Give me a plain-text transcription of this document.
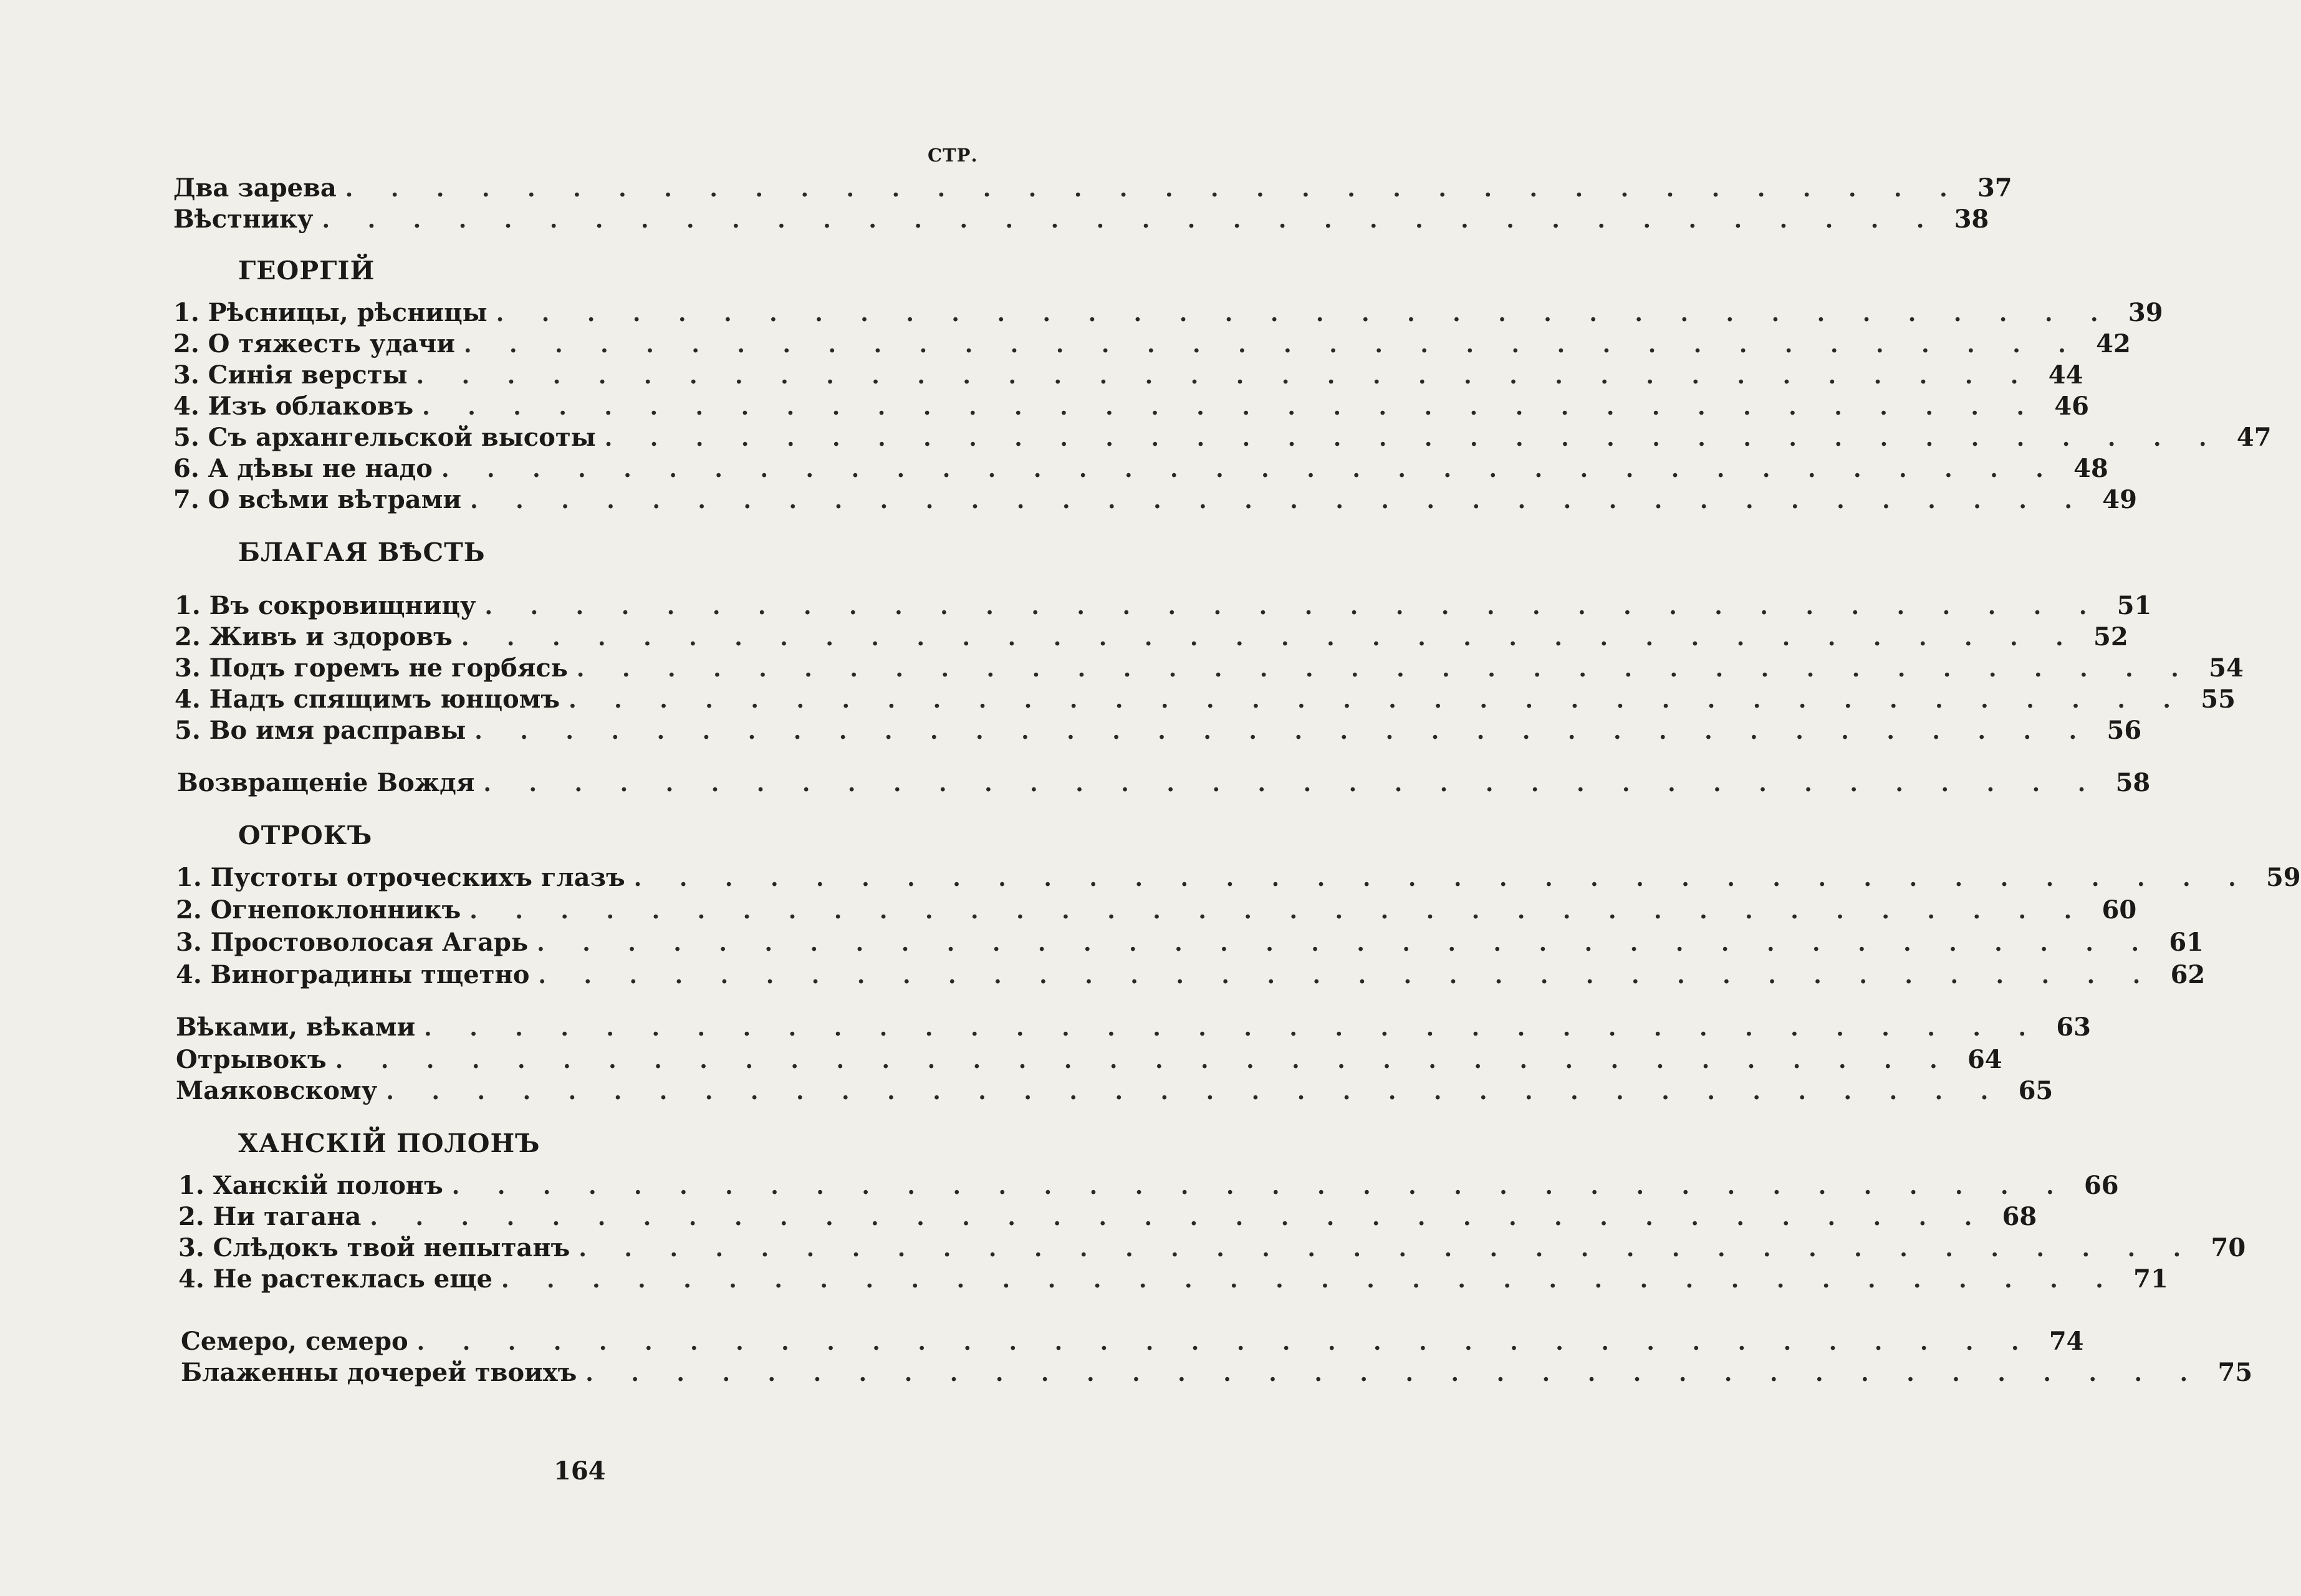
СТР.
Два зарева . . . . . . . . . . . . . . . . . . . . . . . . . . . . . . . . . . . . 37
Вѣстнику . . . . . . . . . . . . . . . . . . . . . . . . . . . . . . . . . . . . 38
ГЕОРГІЙ
1. Рѣсницы, рѣсницы . . . . . . . . . . . . . . . . . . . . . . . . . . . . . . . . . . . . 39
2. О тяжесть удачи . . . . . . . . . . . . . . . . . . . . . . . . . . . . . . . . . . . . 42
3. Синія версты . . . . . . . . . . . . . . . . . . . . . . . . . . . . . . . . . . . . 44
4. Изъ облаковъ . . . . . . . . . . . . . . . . . . . . . . . . . . . . . . . . . . . . 46
5. Съ архангельской высоты . . . . . . . . . . . . . . . . . . . . . . . . . . . . . . . . . . . . 47
6. А дѣвы не надо . . . . . . . . . . . . . . . . . . . . . . . . . . . . . . . . . . . . 48
7. О всѣми вѣтрами . . . . . . . . . . . . . . . . . . . . . . . . . . . . . . . . . . . . 49
БЛАГАЯ ВѢСТЬ
1. Въ сокровищницу . . . . . . . . . . . . . . . . . . . . . . . . . . . . . . . . . . . . 51
2. Живъ и здоровъ . . . . . . . . . . . . . . . . . . . . . . . . . . . . . . . . . . . . 52
3. Подъ горемъ не горбясь . . . . . . . . . . . . . . . . . . . . . . . . . . . . . . . . . . . . 54
4. Надъ спящимъ юнцомъ . . . . . . . . . . . . . . . . . . . . . . . . . . . . . . . . . . . . 55
5. Во имя расправы . . . . . . . . . . . . . . . . . . . . . . . . . . . . . . . . . . . . 56
Возвращеніе Вождя . . . . . . . . . . . . . . . . . . . . . . . . . . . . . . . . . . . . 58
ОТРОКЪ
1. Пустоты отроческихъ глазъ . . . . . . . . . . . . . . . . . . . . . . . . . . . . . . . . . . . . 59
2. Огнепоклонникъ . . . . . . . . . . . . . . . . . . . . . . . . . . . . . . . . . . . . 60
3. Простоволосая Агарь . . . . . . . . . . . . . . . . . . . . . . . . . . . . . . . . . . . . 61
4. Виноградины тщетно . . . . . . . . . . . . . . . . . . . . . . . . . . . . . . . . . . . . 62
Вѣками, вѣками . . . . . . . . . . . . . . . . . . . . . . . . . . . . . . . . . . . . 63
Отрывокъ . . . . . . . . . . . . . . . . . . . . . . . . . . . . . . . . . . . . 64
Маяковскому . . . . . . . . . . . . . . . . . . . . . . . . . . . . . . . . . . . . 65
ХАНСКІЙ ПОЛОНЪ
1. Ханскій полонъ . . . . . . . . . . . . . . . . . . . . . . . . . . . . . . . . . . . . 66
2. Ни тагана . . . . . . . . . . . . . . . . . . . . . . . . . . . . . . . . . . . . 68
3. Слѣдокъ твой непытанъ . . . . . . . . . . . . . . . . . . . . . . . . . . . . . . . . . . . . 70
4. Не растеклась еще . . . . . . . . . . . . . . . . . . . . . . . . . . . . . . . . . . . . 71
Семеро, семеро . . . . . . . . . . . . . . . . . . . . . . . . . . . . . . . . . . . . 74
Блаженны дочерей твоихъ . . . . . . . . . . . . . . . . . . . . . . . . . . . . . . . . . . . . 75
164
